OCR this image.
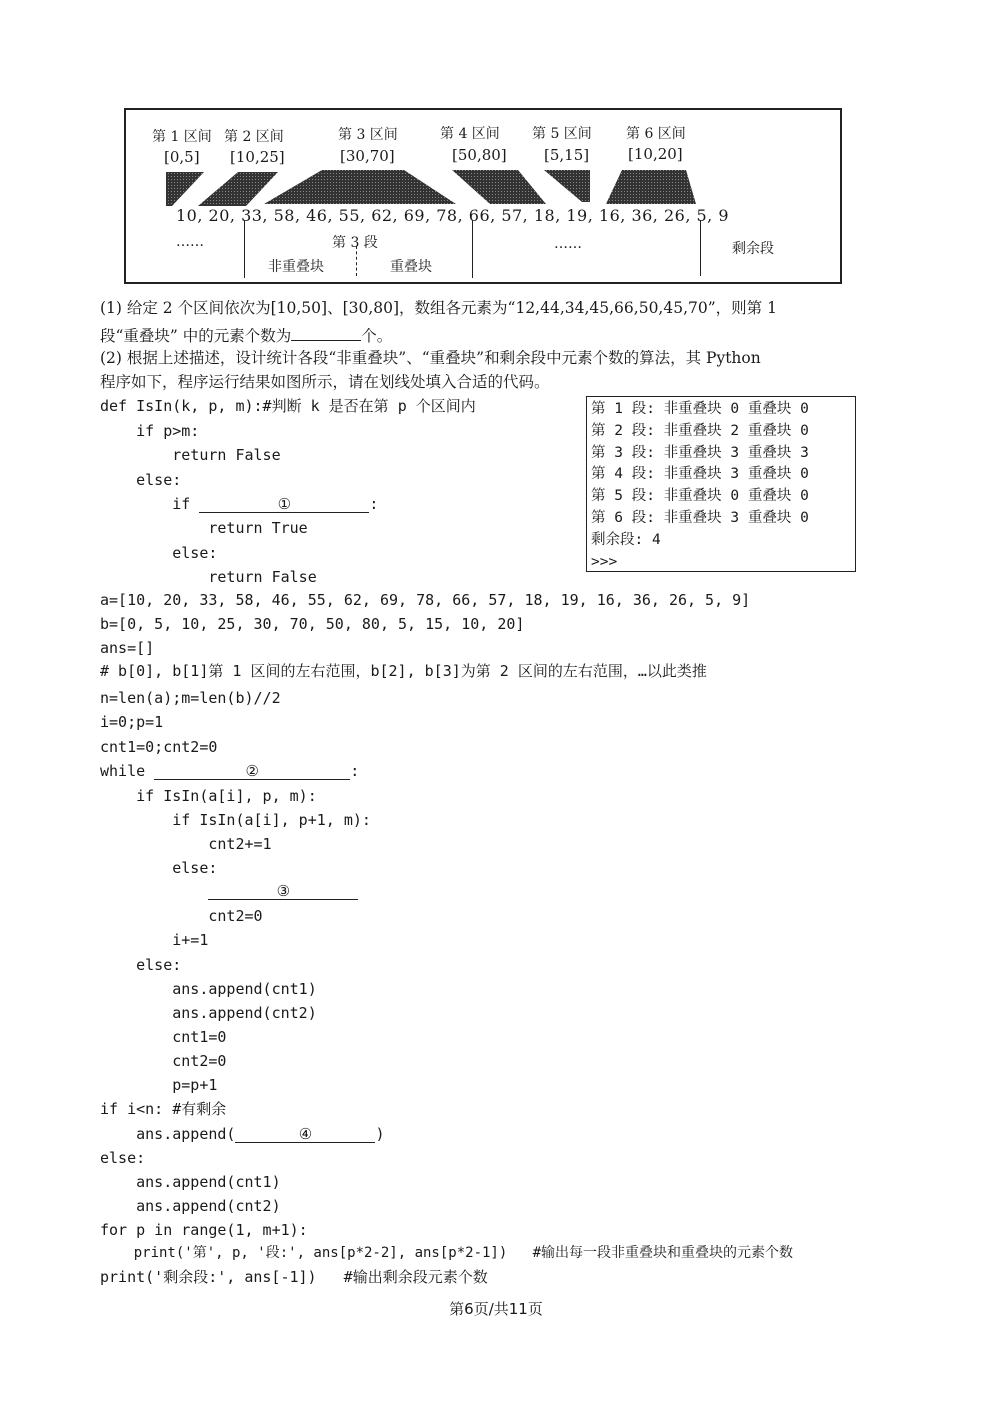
第 1 区间
[0,5]
第 2 区间
[10,25]
第 3 区间
[30,70]
第 4 区间
[50,80]
第 5 区间
[5,15]
第 6 区间
[10,20]
10, 20, 33, 58, 46, 55, 62, 69, 78, 66, 57, 18, 19, 16, 36, 26, 5, 9
……	第 3 段
非重叠块	重叠块
……	剩余段
(1) 给定 2 个区间依次为[10,50]、[30,80]，数组各元素为“12,44,34,45,66,50,45,70”，则第 1
段“重叠块” 中的元素个数为	个。
(2) 根据上述描述，设计统计各段“非重叠块”、“重叠块”和剩余段中元素个数的算法，其 Python
程序如下，程序运行结果如图所示，请在划线处填入合适的代码。
def IsIn(k, p, m):#判断 k 是否在第 p 个区间内
if p>m:
return False
else:
if	①	:
return True
else:
return False
a=[10, 20, 33, 58, 46, 55, 62, 69, 78, 66, 57, 18, 19, 16, 36, 26, 5, 9]
b=[0, 5, 10, 25, 30, 70, 50, 80, 5, 15, 10, 20]
ans=[]
# b[0], b[1]第 1 区间的左右范围，b[2], b[3]为第 2 区间的左右范围，…以此类推
n=len(a);m=len(b)//2
i=0;p=1
cnt1=0;cnt2=0
while	②	:
if IsIn(a[i], p, m):
if IsIn(a[i], p+1, m):
cnt2+=1
else:
③
cnt2=0
i+=1
else:
ans.append(cnt1)
ans.append(cnt2)
cnt1=0
cnt2=0
p=p+1
if i<n: #有剩余
ans.append(	④	)
else:
ans.append(cnt1)
ans.append(cnt2)
for p in range(1, m+1):
print('第', p, '段:', ans[p*2-2], ans[p*2-1])   #输出每一段非重叠块和重叠块的元素个数
print('剩余段:', ans[-1])   #输出剩余段元素个数
第 1 段: 非重叠块 0 重叠块 0
第 2 段: 非重叠块 2 重叠块 0
第 3 段: 非重叠块 3 重叠块 3
第 4 段: 非重叠块 3 重叠块 0
第 5 段: 非重叠块 0 重叠块 0
第 6 段: 非重叠块 3 重叠块 0
剩余段: 4
>>>
第6页/共11页
